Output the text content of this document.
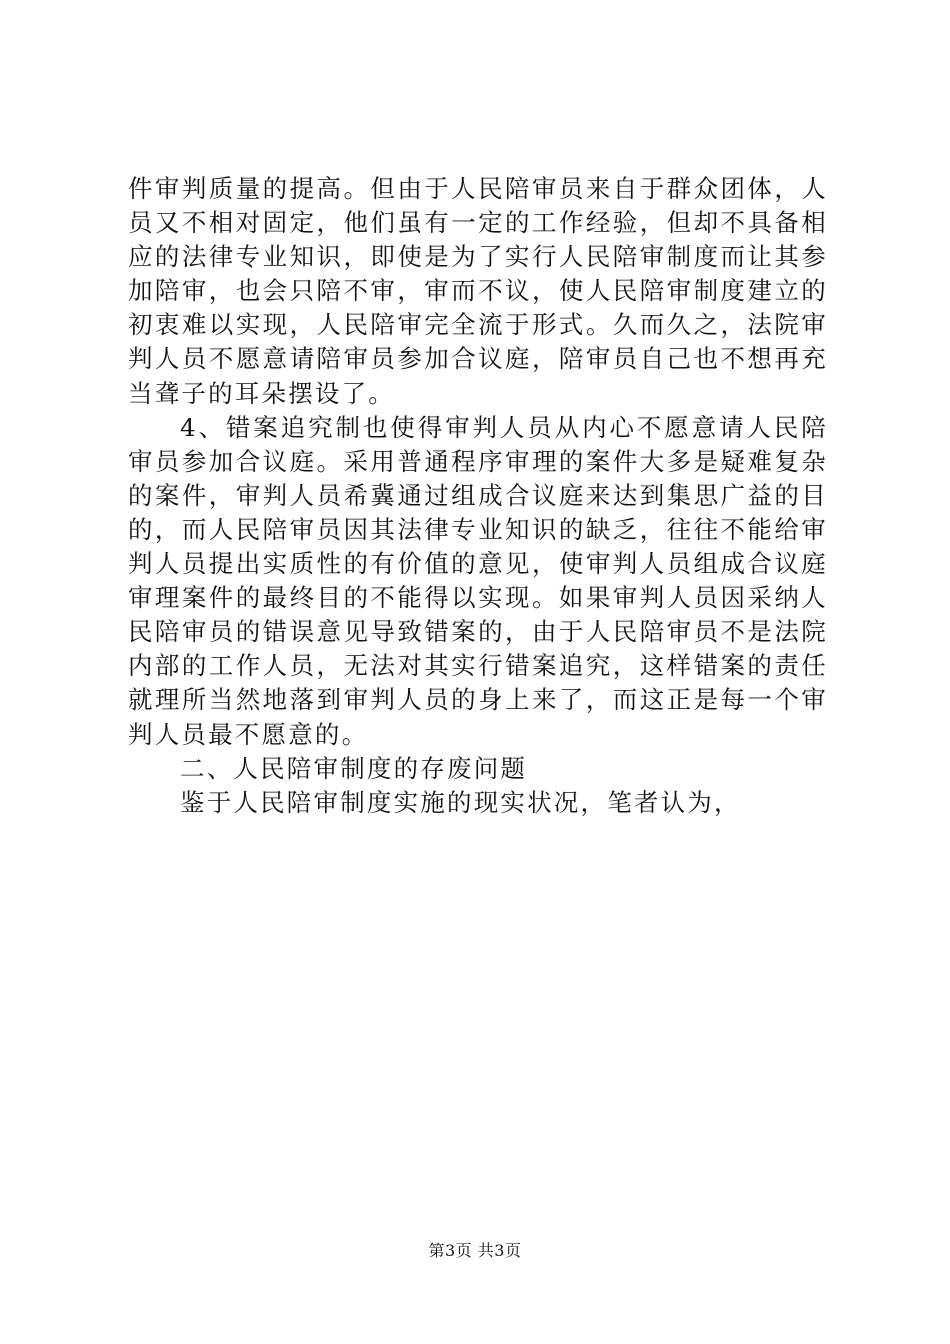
件审判质量的提高。但由于人民陪审员来自于群众团体，人员又不相对固定，他们虽有一定的工作经验，但却不具备相应的法律专业知识，即使是为了实行人民陪审制度而让其参加陪审，也会只陪不审，审而不议，使人民陪审制度建立的初衷难以实现，人民陪审完全流于形式。久而久之，法院审判人员不愿意请陪审员参加合议庭，陪审员自己也不想再充当聋子的耳朵摆设了。

4、错案追究制也使得审判人员从内心不愿意请人民陪审员参加合议庭。采用普通程序审理的案件大多是疑难复杂的案件，审判人员希冀通过组成合议庭来达到集思广益的目的，而人民陪审员因其法律专业知识的缺乏，往往不能给审判人员提出实质性的有价值的意见，使审判人员组成合议庭审理案件的最终目的不能得以实现。如果审判人员因采纳人民陪审员的错误意见导致错案的，由于人民陪审员不是法院内部的工作人员，无法对其实行错案追究，这样错案的责任就理所当然地落到审判人员的身上来了，而这正是每一个审判人员最不愿意的。

二、人民陪审制度的存废问题

鉴于人民陪审制度实施的现实状况，笔者认为，

第3页 共3页
